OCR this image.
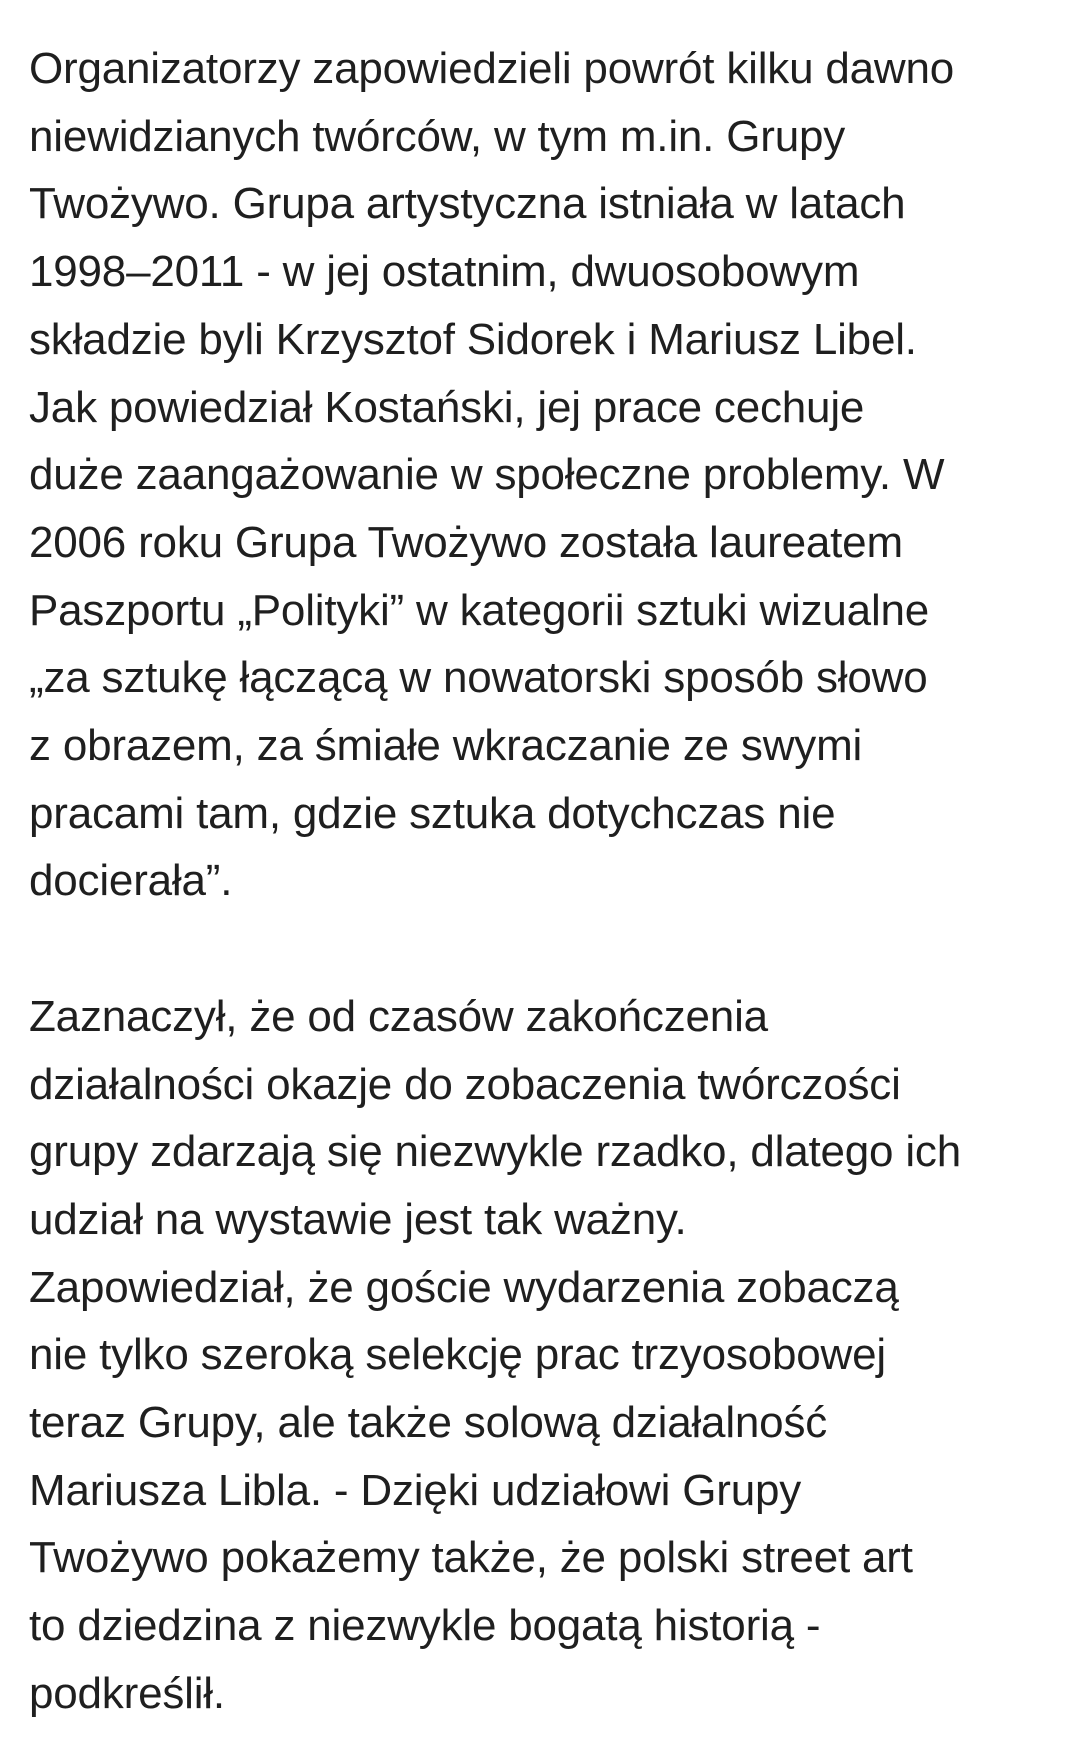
Organizatorzy zapowiedzieli powrót kilku dawno
niewidzianych twórców, w tym m.in. Grupy
Twożywo. Grupa artystyczna istniała w latach
1998–2011 - w jej ostatnim, dwuosobowym
składzie byli Krzysztof Sidorek i Mariusz Libel.
Jak powiedział Kostański, jej prace cechuje
duże zaangażowanie w społeczne problemy. W
2006 roku Grupa Twożywo została laureatem
Paszportu „Polityki” w kategorii sztuki wizualne
„za sztukę łączącą w nowatorski sposób słowo
z obrazem, za śmiałe wkraczanie ze swymi
pracami tam, gdzie sztuka dotychczas nie
docierała”.

Zaznaczył, że od czasów zakończenia
działalności okazje do zobaczenia twórczości
grupy zdarzają się niezwykle rzadko, dlatego ich
udział na wystawie jest tak ważny.
Zapowiedział, że goście wydarzenia zobaczą
nie tylko szeroką selekcję prac trzyosobowej
teraz Grupy, ale także solową działalność
Mariusza Libla. - Dzięki udziałowi Grupy
Twożywo pokażemy także, że polski street art
to dziedzina z niezwykle bogatą historią -
podkreślił.
